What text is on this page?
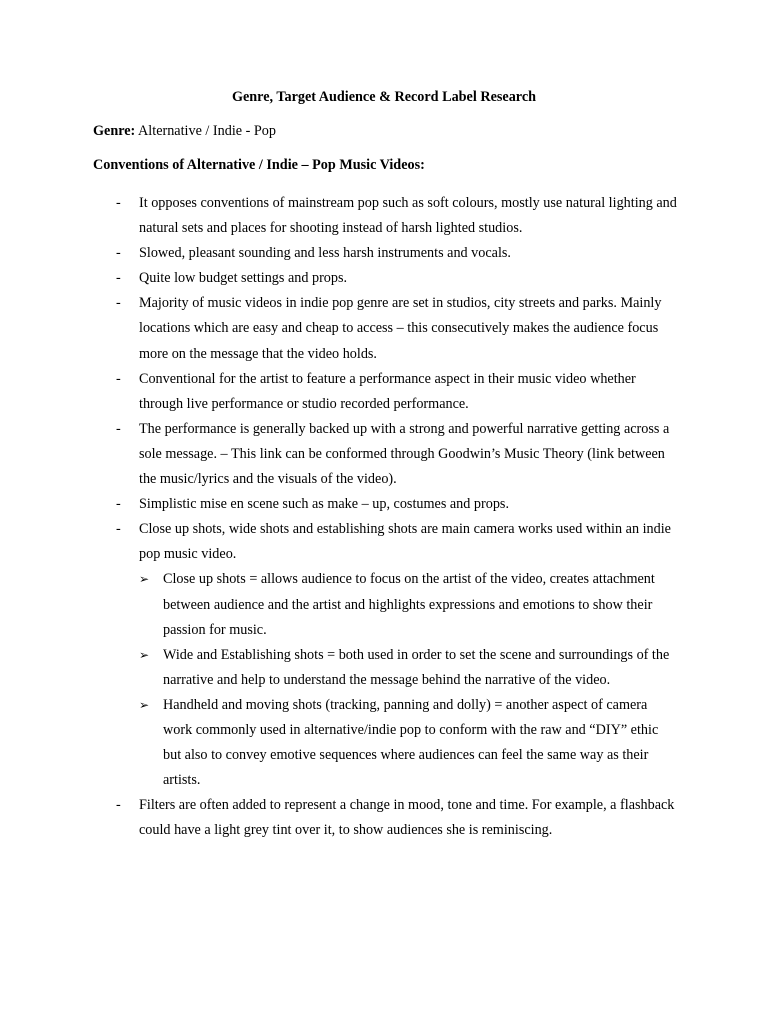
Genre, Target Audience & Record Label Research
Genre: Alternative / Indie - Pop
Conventions of Alternative / Indie – Pop Music Videos:
- It opposes conventions of mainstream pop such as soft colours, mostly use natural lighting and natural sets and places for shooting instead of harsh lighted studios.
- Slowed, pleasant sounding and less harsh instruments and vocals.
- Quite low budget settings and props.
- Majority of music videos in indie pop genre are set in studios, city streets and parks. Mainly locations which are easy and cheap to access – this consecutively makes the audience focus more on the message that the video holds.
- Conventional for the artist to feature a performance aspect in their music video whether through live performance or studio recorded performance.
- The performance is generally backed up with a strong and powerful narrative getting across a sole message. – This link can be conformed through Goodwin’s Music Theory (link between the music/lyrics and the visuals of the video).
- Simplistic mise en scene such as make – up, costumes and props.
- Close up shots, wide shots and establishing shots are main camera works used within an indie pop music video.
➢ Close up shots = allows audience to focus on the artist of the video, creates attachment between audience and the artist and highlights expressions and emotions to show their passion for music.
➢ Wide and Establishing shots = both used in order to set the scene and surroundings of the narrative and help to understand the message behind the narrative of the video.
➢ Handheld and moving shots (tracking, panning and dolly) = another aspect of camera work commonly used in alternative/indie pop to conform with the raw and “DIY” ethic but also to convey emotive sequences where audiences can feel the same way as their artists.
- Filters are often added to represent a change in mood, tone and time. For example, a flashback could have a light grey tint over it, to show audiences she is reminiscing.
